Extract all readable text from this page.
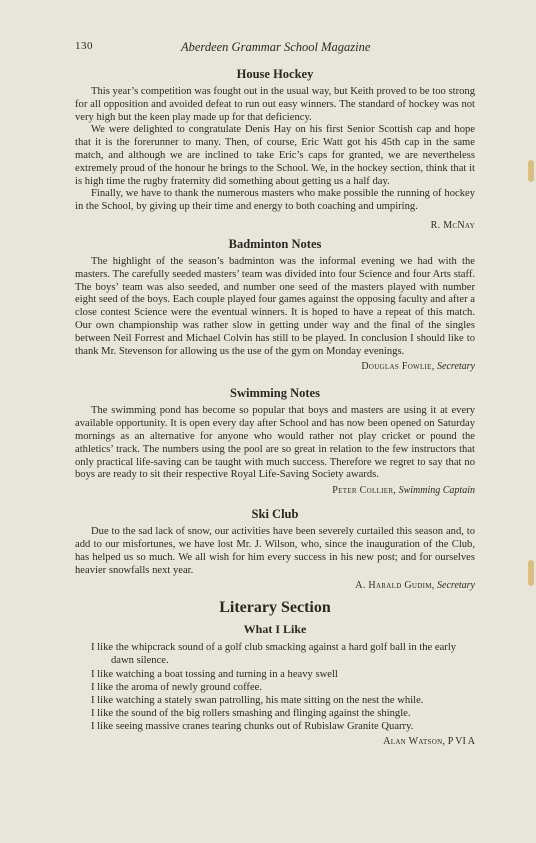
130	Aberdeen Grammar School Magazine
House Hockey

This year’s competition was fought out in the usual way, but Keith proved to be too strong for all opposition and avoided defeat to run out easy winners. The standard of hockey was not very high but the keen play made up for that deficiency.

We were delighted to congratulate Denis Hay on his first Senior Scottish cap and hope that it is the forerunner to many. Then, of course, Eric Watt got his 45th cap in the same match, and although we are inclined to take Eric’s caps for granted, we are nevertheless extremely proud of the honour he brings to the School. We, in the hockey section, think that it is high time the rugby fraternity did something about getting us a half day.

Finally, we have to thank the numerous masters who make possible the running of hockey in the School, by giving up their time and energy to both coaching and umpiring.

R. McNay
Badminton Notes

The highlight of the season’s badminton was the informal evening we had with the masters. The carefully seeded masters’ team was divided into four Science and four Arts staff. The boys’ team was also seeded, and number one seed of the masters played with number eight seed of the boys. Each couple played four games against the opposing faculty and after a close contest Science were the eventual winners. It is hoped to have a repeat of this match. Our own championship was rather slow in getting under way and the final of the singles between Neil Forrest and Michael Colvin has still to be played. In conclusion I should like to thank Mr. Stevenson for allowing us the use of the gym on Monday evenings.

Douglas Fowlie, Secretary
Swimming Notes

The swimming pond has become so popular that boys and masters are using it at every available opportunity. It is open every day after School and has now been opened on Saturday mornings as an alternative for anyone who would rather not play cricket or pound the athletics’ track. The numbers using the pool are so great in relation to the few instructors that only practical life-saving can be taught with much success. Therefore we regret to say that no boys are ready to sit their respective Royal Life-Saving Society awards.

Peter Collier, Swimming Captain
Ski Club

Due to the sad lack of snow, our activities have been severely curtailed this season and, to add to our misfortunes, we have lost Mr. J. Wilson, who, since the inauguration of the Club, has helped us so much. We all wish for him every success in his new post; and for ourselves heavier snowfalls next year.

A. Harald Gudim, Secretary
Literary Section
What I Like
I like the whipcrack sound of a golf club smacking against a hard golf ball in the early dawn silence.
I like watching a boat tossing and turning in a heavy swell
I like the aroma of newly ground coffee.
I like watching a stately swan patrolling, his mate sitting on the nest the while.
I like the sound of the big rollers smashing and flinging against the shingle.
I like seeing massive cranes tearing chunks out of Rubislaw Granite Quarry.
Alan Watson, P VI A
